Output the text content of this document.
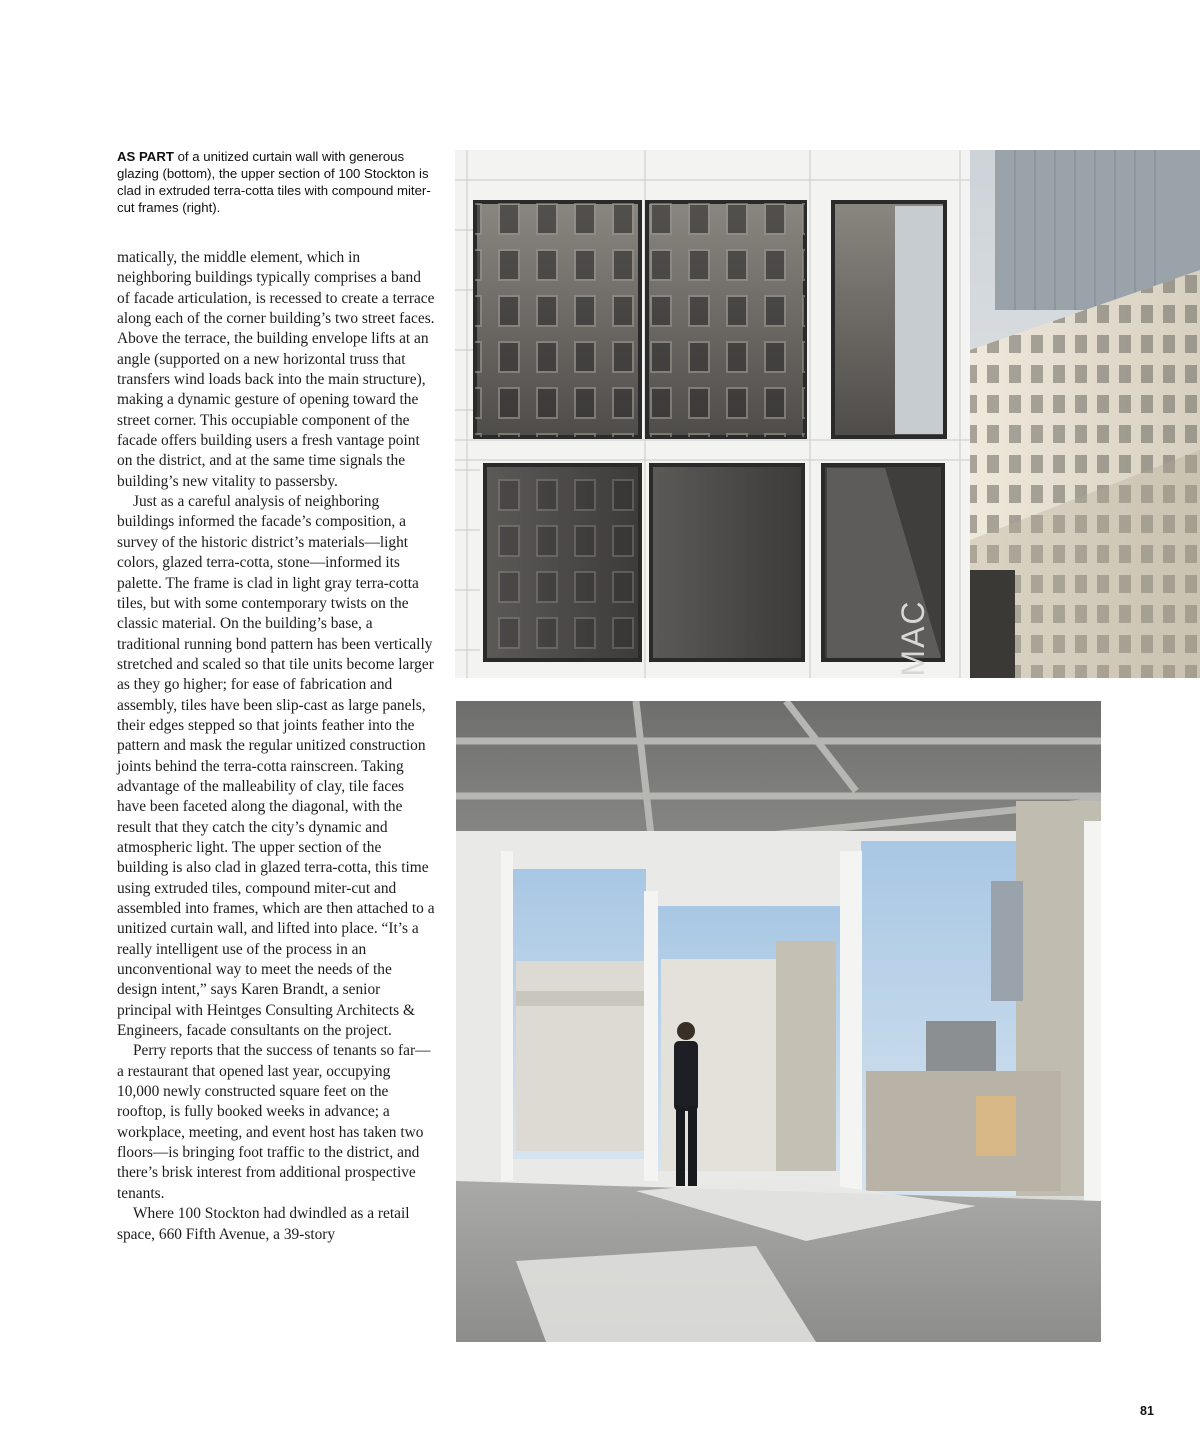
AS PART of a unitized curtain wall with generous glazing (bottom), the upper section of 100 Stockton is clad in extruded terra-cotta tiles with compound miter-cut frames (right).

matically, the middle element, which in neighboring buildings typically comprises a band of facade articulation, is recessed to create a terrace along each of the corner building’s two street faces. Above the terrace, the building envelope lifts at an angle (supported on a new horizontal truss that transfers wind loads back into the main structure), making a dynamic gesture of opening toward the street corner. This occupiable component of the facade offers building users a fresh vantage point on the district, and at the same time signals the building’s new vitality to passersby.

Just as a careful analysis of neighboring buildings informed the facade’s composition, a survey of the historic district’s materials—light colors, glazed terra-cotta, stone—informed its palette. The frame is clad in light gray terra-cotta tiles, but with some contemporary twists on the classic material. On the building’s base, a traditional running bond pattern has been vertically stretched and scaled so that tile units become larger as they go higher; for ease of fabrication and assembly, tiles have been slip-cast as large panels, their edges stepped so that joints feather into the pattern and mask the regular unitized construction joints behind the terra-cotta rainscreen. Taking advantage of the malleability of clay, tile faces have been faceted along the diagonal, with the result that they catch the city’s dynamic and atmospheric light. The upper section of the building is also clad in glazed terra-cotta, this time using extruded tiles, compound miter-cut and assembled into frames, which are then attached to a unitized curtain wall, and lifted into place. “It’s a really intelligent use of the process in an unconventional way to meet the needs of the design intent,” says Karen Brandt, a senior principal with Heintges Consulting Architects & Engineers, facade consultants on the project.

Perry reports that the success of tenants so far—a restaurant that opened last year, occupying 10,000 newly constructed square feet on the rooftop, is fully booked weeks in advance; a workplace, meeting, and event host has taken two floors—is bringing foot traffic to the district, and there’s brisk interest from additional prospective tenants.

Where 100 Stockton had dwindled as a retail space, 660 Fifth Avenue, a 39-story

MAC
81
